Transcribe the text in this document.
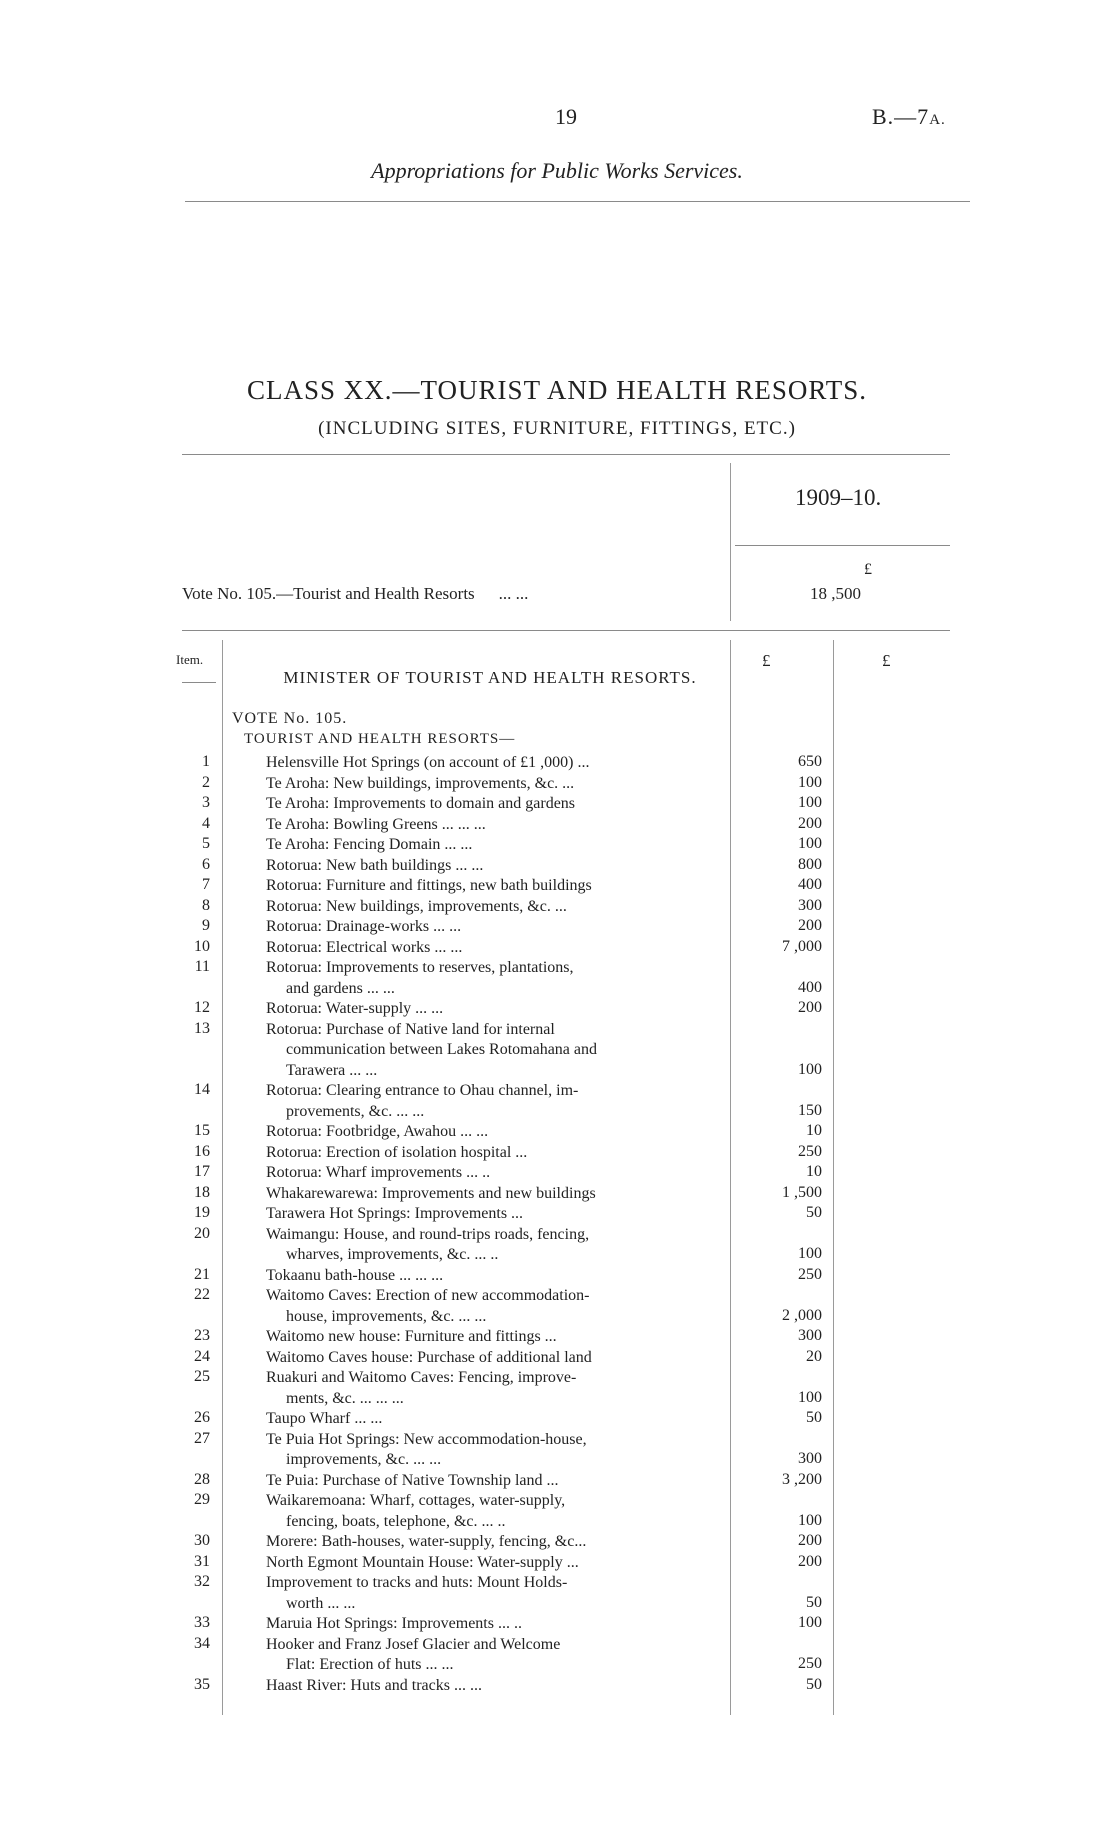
19	B.—7A.
Appropriations for Public Works Services.
CLASS XX.—TOURIST AND HEALTH RESORTS.
(INCLUDING SITES, FURNITURE, FITTINGS, ETC.)
1909–10.
£
Vote No. 105.—Tourist and Health Resorts ... ...	18 ,500
Item.	£	£
MINISTER OF TOURIST AND HEALTH RESORTS.
VOTE No. 105.
TOURIST AND HEALTH RESORTS—
1	Helensville Hot Springs (on account of £1 ,000) ...	650
2	Te Aroha: New buildings, improvements, &c. ...	100
3	Te Aroha: Improvements to domain and gardens	100
4	Te Aroha: Bowling Greens ... ... ...	200
5	Te Aroha: Fencing Domain ... ...	100
6	Rotorua: New bath buildings ... ...	800
7	Rotorua: Furniture and fittings, new bath buildings	400
8	Rotorua: New buildings, improvements, &c. ...	300
9	Rotorua: Drainage-works ... ...	200
10	Rotorua: Electrical works ... ...	7 ,000
11	Rotorua: Improvements to reserves, plantations,
and gardens ... ...	400
12	Rotorua: Water-supply ... ...	200
13	Rotorua: Purchase of Native land for internal
communication between Lakes Rotomahana and
Tarawera ... ...	100
14	Rotorua: Clearing entrance to Ohau channel, im-
provements, &c. ... ...	150
15	Rotorua: Footbridge, Awahou ... ...	10
16	Rotorua: Erection of isolation hospital ...	250
17	Rotorua: Wharf improvements ... ..	10
18	Whakarewarewa: Improvements and new buildings	1 ,500
19	Tarawera Hot Springs: Improvements ...	50
20	Waimangu: House, and round-trips roads, fencing,
wharves, improvements, &c. ... ..	100
21	Tokaanu bath-house ... ... ...	250
22	Waitomo Caves: Erection of new accommodation-
house, improvements, &c. ... ...	2 ,000
23	Waitomo new house: Furniture and fittings ...	300
24	Waitomo Caves house: Purchase of additional land	20
25	Ruakuri and Waitomo Caves: Fencing, improve-
ments, &c. ... ... ...	100
26	Taupo Wharf ... ...	50
27	Te Puia Hot Springs: New accommodation-house,
improvements, &c. ... ...	300
28	Te Puia: Purchase of Native Township land ...	3 ,200
29	Waikaremoana: Wharf, cottages, water-supply,
fencing, boats, telephone, &c. ... ..	100
30	Morere: Bath-houses, water-supply, fencing, &c...	200
31	North Egmont Mountain House: Water-supply ...	200
32	Improvement to tracks and huts: Mount Holds-
worth ... ...	50
33	Maruia Hot Springs: Improvements ... ..	100
34	Hooker and Franz Josef Glacier and Welcome
Flat: Erection of huts ... ...	250
35	Haast River: Huts and tracks ... ...	50
